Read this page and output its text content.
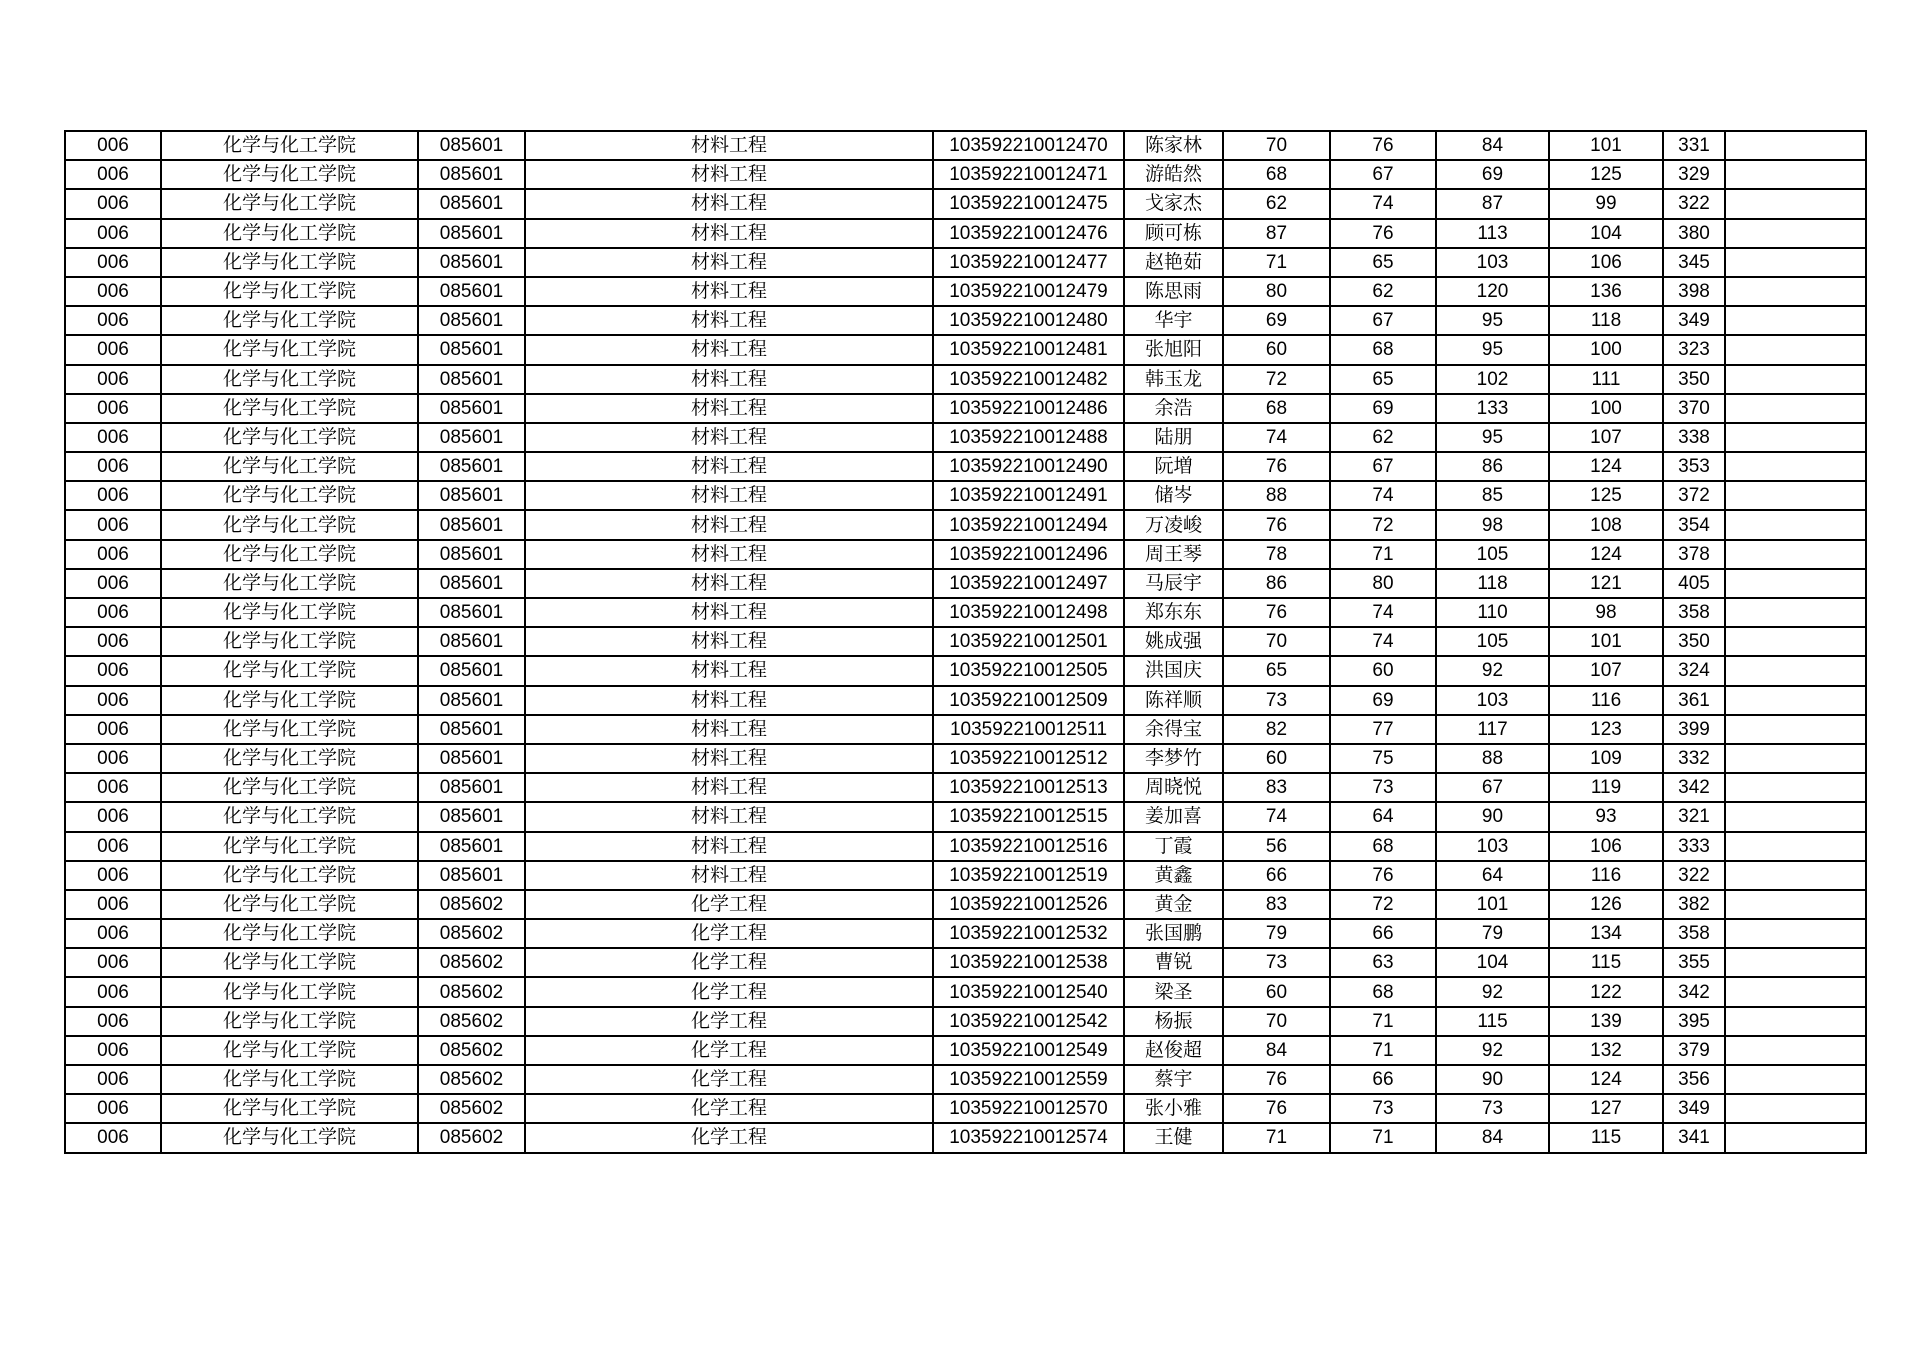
006	化学与化工学院	085601	材料工程	103592210012470	陈家林	70	76	84	101	331	
006	化学与化工学院	085601	材料工程	103592210012471	游皓然	68	67	69	125	329	
006	化学与化工学院	085601	材料工程	103592210012475	戈家杰	62	74	87	99	322	
006	化学与化工学院	085601	材料工程	103592210012476	顾可栋	87	76	113	104	380	
006	化学与化工学院	085601	材料工程	103592210012477	赵艳茹	71	65	103	106	345	
006	化学与化工学院	085601	材料工程	103592210012479	陈思雨	80	62	120	136	398	
006	化学与化工学院	085601	材料工程	103592210012480	华宇	69	67	95	118	349	
006	化学与化工学院	085601	材料工程	103592210012481	张旭阳	60	68	95	100	323	
006	化学与化工学院	085601	材料工程	103592210012482	韩玉龙	72	65	102	111	350	
006	化学与化工学院	085601	材料工程	103592210012486	余浩	68	69	133	100	370	
006	化学与化工学院	085601	材料工程	103592210012488	陆朋	74	62	95	107	338	
006	化学与化工学院	085601	材料工程	103592210012490	阮増	76	67	86	124	353	
006	化学与化工学院	085601	材料工程	103592210012491	储岑	88	74	85	125	372	
006	化学与化工学院	085601	材料工程	103592210012494	万凌峻	76	72	98	108	354	
006	化学与化工学院	085601	材料工程	103592210012496	周王琴	78	71	105	124	378	
006	化学与化工学院	085601	材料工程	103592210012497	马辰宇	86	80	118	121	405	
006	化学与化工学院	085601	材料工程	103592210012498	郑东东	76	74	110	98	358	
006	化学与化工学院	085601	材料工程	103592210012501	姚成强	70	74	105	101	350	
006	化学与化工学院	085601	材料工程	103592210012505	洪国庆	65	60	92	107	324	
006	化学与化工学院	085601	材料工程	103592210012509	陈祥顺	73	69	103	116	361	
006	化学与化工学院	085601	材料工程	103592210012511	余得宝	82	77	117	123	399	
006	化学与化工学院	085601	材料工程	103592210012512	李梦竹	60	75	88	109	332	
006	化学与化工学院	085601	材料工程	103592210012513	周晓悦	83	73	67	119	342	
006	化学与化工学院	085601	材料工程	103592210012515	姜加喜	74	64	90	93	321	
006	化学与化工学院	085601	材料工程	103592210012516	丁霞	56	68	103	106	333	
006	化学与化工学院	085601	材料工程	103592210012519	黄鑫	66	76	64	116	322	
006	化学与化工学院	085602	化学工程	103592210012526	黄金	83	72	101	126	382	
006	化学与化工学院	085602	化学工程	103592210012532	张国鹏	79	66	79	134	358	
006	化学与化工学院	085602	化学工程	103592210012538	曹锐	73	63	104	115	355	
006	化学与化工学院	085602	化学工程	103592210012540	梁圣	60	68	92	122	342	
006	化学与化工学院	085602	化学工程	103592210012542	杨振	70	71	115	139	395	
006	化学与化工学院	085602	化学工程	103592210012549	赵俊超	84	71	92	132	379	
006	化学与化工学院	085602	化学工程	103592210012559	蔡宇	76	66	90	124	356	
006	化学与化工学院	085602	化学工程	103592210012570	张小雅	76	73	73	127	349	
006	化学与化工学院	085602	化学工程	103592210012574	王健	71	71	84	115	341	
